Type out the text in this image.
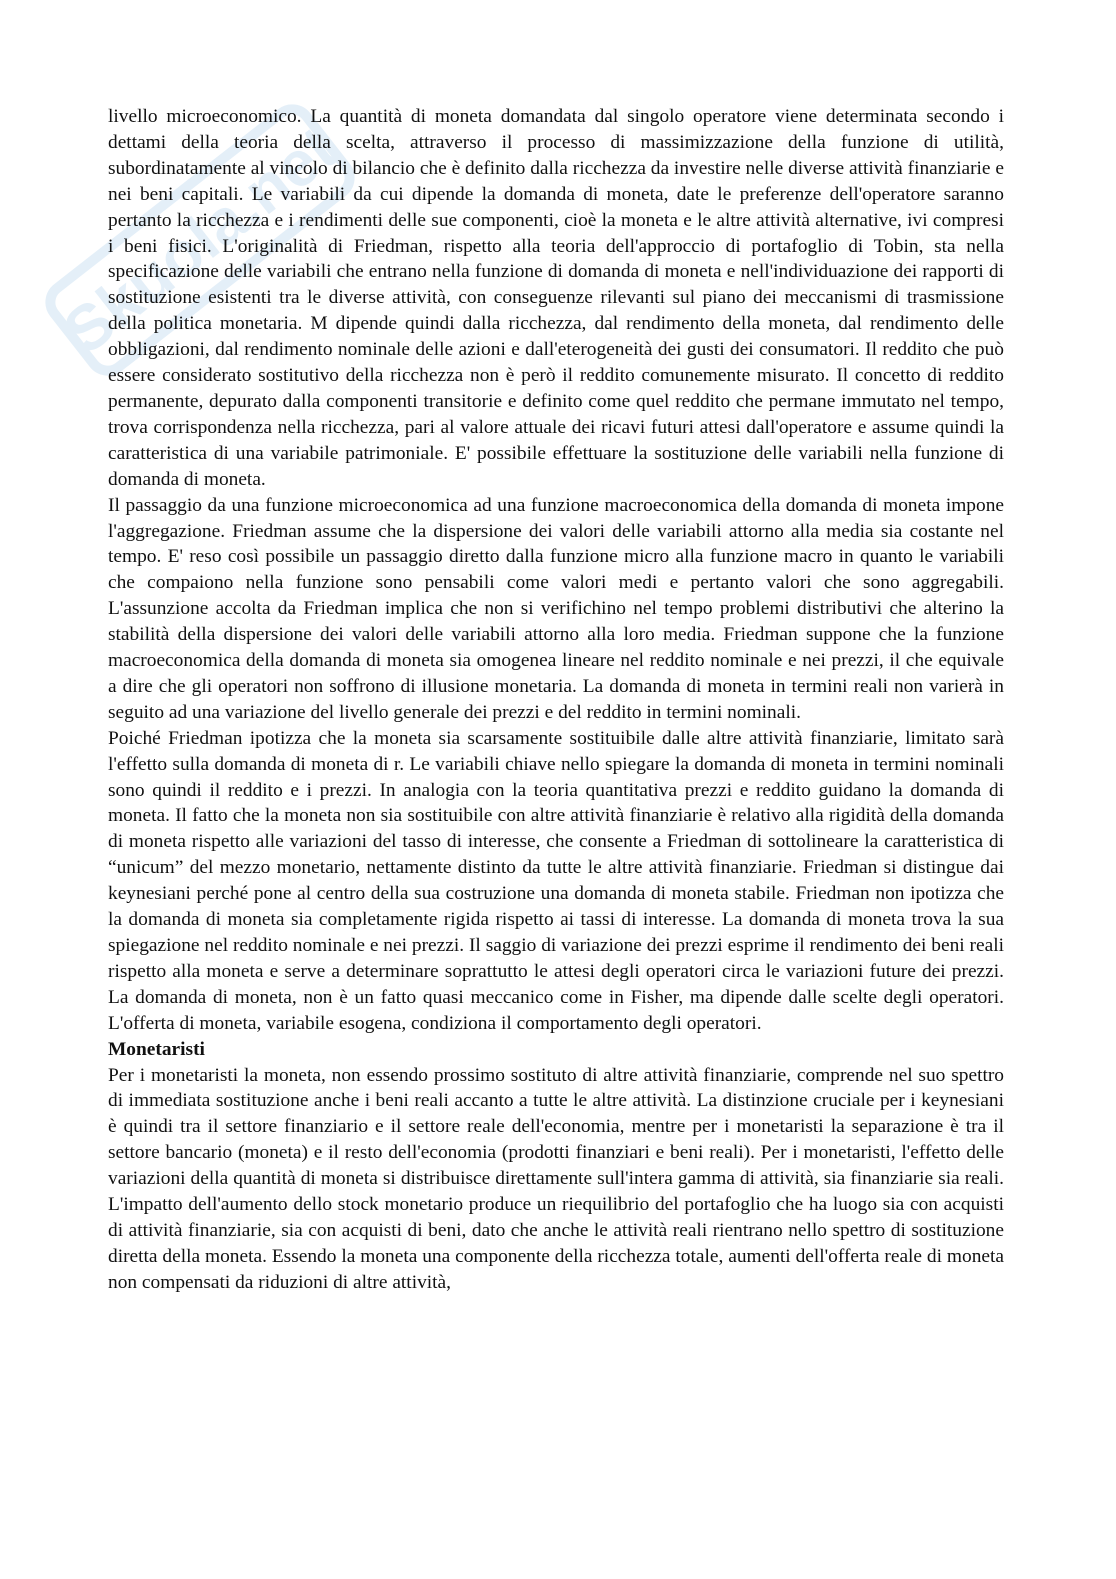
Skuola.net

livello microeconomico. La quantità di moneta domandata dal singolo operatore viene determinata secondo i dettami della teoria della scelta, attraverso il processo di massimizzazione della funzione di utilità, subordinatamente al vincolo di bilancio che è definito dalla ricchezza da investire nelle diverse attività finanziarie e nei beni capitali. Le variabili da cui dipende la domanda di moneta, date le preferenze dell'operatore saranno pertanto la ricchezza e i rendimenti delle sue componenti, cioè la moneta e le altre attività alternative, ivi compresi i beni fisici. L'originalità di Friedman, rispetto alla teoria dell'approccio di portafoglio di Tobin, sta nella specificazione delle variabili che entrano nella funzione di domanda di moneta e nell'individuazione dei rapporti di sostituzione esistenti tra le diverse attività, con conseguenze rilevanti sul piano dei meccanismi di trasmissione della politica monetaria. M dipende quindi dalla ricchezza, dal rendimento della moneta, dal rendimento delle obbligazioni, dal rendimento nominale delle azioni e dall'eterogeneità dei gusti dei consumatori. Il reddito che può essere considerato sostitutivo della ricchezza non è però il reddito comunemente misurato. Il concetto di reddito permanente, depurato dalla componenti transitorie e definito come quel reddito che permane immutato nel tempo, trova corrispondenza nella ricchezza, pari al valore attuale dei ricavi futuri attesi dall'operatore e assume quindi la caratteristica di una variabile patrimoniale. E' possibile effettuare la sostituzione delle variabili nella funzione di domanda di moneta.

Il passaggio da una funzione microeconomica ad una funzione macroeconomica della domanda di moneta impone l'aggregazione. Friedman assume che la dispersione dei valori delle variabili attorno alla media sia costante nel tempo. E' reso così possibile un passaggio diretto dalla funzione micro alla funzione macro in quanto le variabili che compaiono nella funzione sono pensabili come valori medi e pertanto valori che sono aggregabili. L'assunzione accolta da Friedman implica che non si verifichino nel tempo problemi distributivi che alterino la stabilità della dispersione dei valori delle variabili attorno alla loro media. Friedman suppone che la funzione macroeconomica della domanda di moneta sia omogenea lineare nel reddito nominale e nei prezzi, il che equivale a dire che gli operatori non soffrono di illusione monetaria. La domanda di moneta in termini reali non varierà in seguito ad una variazione del livello generale dei prezzi e del reddito in termini nominali.

Poiché Friedman ipotizza che la moneta sia scarsamente sostituibile dalle altre attività finanziarie, limitato sarà l'effetto sulla domanda di moneta di r. Le variabili chiave nello spiegare la domanda di moneta in termini nominali sono quindi il reddito e i prezzi. In analogia con la teoria quantitativa prezzi e reddito guidano la domanda di moneta. Il fatto che la moneta non sia sostituibile con altre attività finanziarie è relativo alla rigidità della domanda di moneta rispetto alle variazioni del tasso di interesse, che consente a Friedman di sottolineare la caratteristica di “unicum” del mezzo monetario, nettamente distinto da tutte le altre attività finanziarie. Friedman si distingue dai keynesiani perché pone al centro della sua costruzione una domanda di moneta stabile. Friedman non ipotizza che la domanda di moneta sia completamente rigida rispetto ai tassi di interesse. La domanda di moneta trova la sua spiegazione nel reddito nominale e nei prezzi. Il saggio di variazione dei prezzi esprime il rendimento dei beni reali rispetto alla moneta e serve a determinare soprattutto le attesi degli operatori circa le variazioni future dei prezzi. La domanda di moneta, non è un fatto quasi meccanico come in Fisher, ma dipende dalle scelte degli operatori. L'offerta di moneta, variabile esogena, condiziona il comportamento degli operatori.

Monetaristi

Per i monetaristi la moneta, non essendo prossimo sostituto di altre attività finanziarie, comprende nel suo spettro di immediata sostituzione anche i beni reali accanto a tutte le altre attività. La distinzione cruciale per i keynesiani è quindi tra il settore finanziario e il settore reale dell'economia, mentre per i monetaristi la separazione è tra il settore bancario (moneta) e il resto dell'economia (prodotti finanziari e beni reali). Per i monetaristi, l'effetto delle variazioni della quantità di moneta si distribuisce direttamente sull'intera gamma di attività, sia finanziarie sia reali. L'impatto dell'aumento dello stock monetario produce un riequilibrio del portafoglio che ha luogo sia con acquisti di attività finanziarie, sia con acquisti di beni, dato che anche le attività reali rientrano nello spettro di sostituzione diretta della moneta. Essendo la moneta una componente della ricchezza totale, aumenti dell'offerta reale di moneta non compensati da riduzioni di altre attività,
